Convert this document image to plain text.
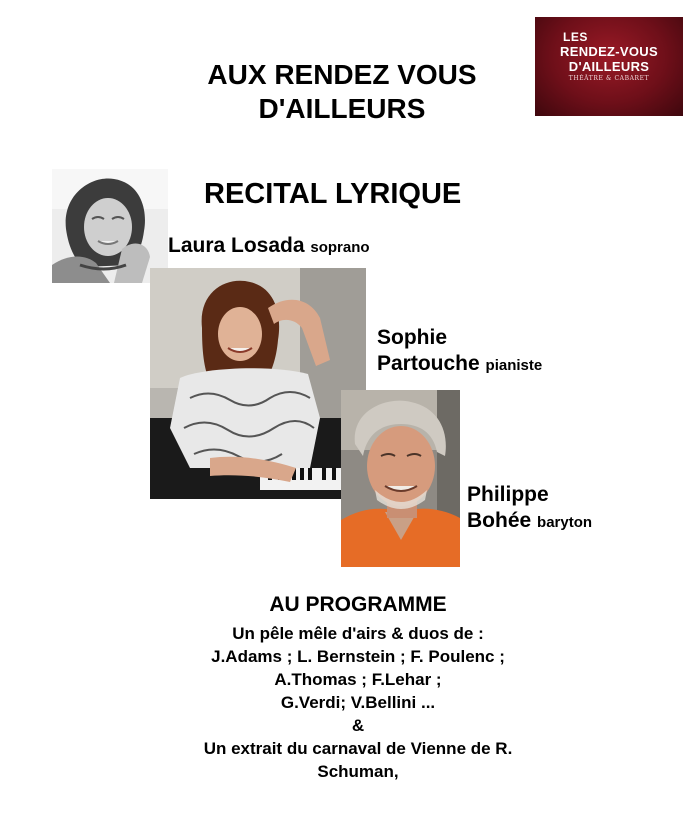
AUX RENDEZ VOUS
D'AILLEURS
LES
RENDEZ-VOUS
D'AILLEURS
THÉÂTRE & CABARET
RECITAL LYRIQUE
Laura Losada soprano
Sophie
Partouche pianiste
Philippe
Bohée baryton
AU PROGRAMME
Un pêle mêle d'airs & duos de :
J.Adams ; L. Bernstein ; F. Poulenc ;
A.Thomas ; F.Lehar ;
G.Verdi; V.Bellini ...
&
Un extrait du carnaval de Vienne de R.
Schuman,
